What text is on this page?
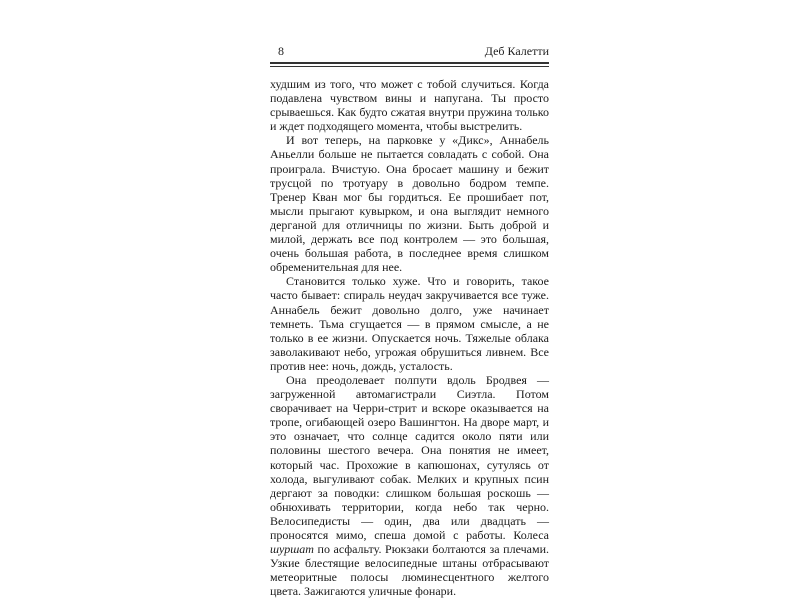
8	Деб Калетти

худшим из того, что может с тобой случиться. Когда подавлена чувством вины и напугана. Ты просто срываешься. Как будто сжатая внутри пружина только и ждет подходящего момента, чтобы выстрелить.

И вот теперь, на парковке у «Дикс», Аннабель Аньелли больше не пытается совладать с собой. Она проиграла. Вчистую. Она бросает машину и бежит трусцой по тротуару в довольно бодром темпе. Тренер Кван мог бы гордиться. Ее прошибает пот, мысли прыгают кувырком, и она выглядит немного дерганой для отличницы по жизни. Быть доброй и милой, держать все под контролем — это большая, очень большая работа, в последнее время слишком обременительная для нее.

Становится только хуже. Что и говорить, такое часто бывает: спираль неудач закручивается все туже. Аннабель бежит довольно долго, уже начинает темнеть. Тьма сгущается — в прямом смысле, а не только в ее жизни. Опускается ночь. Тяжелые облака заволакивают небо, угрожая обрушиться ливнем. Все против нее: ночь, дождь, усталость.

Она преодолевает полпути вдоль Бродвея — загруженной автомагистрали Сиэтла. Потом сворачивает на Черри-стрит и вскоре оказывается на тропе, огибающей озеро Вашингтон. На дворе март, и это означает, что солнце садится около пяти или половины шестого вечера. Она понятия не имеет, который час. Прохожие в капюшонах, сутулясь от холода, выгуливают собак. Мелких и крупных псин дергают за поводки: слишком большая роскошь — обнюхивать территории, когда небо так черно. Велосипедисты — один, два или двадцать — проносятся мимо, спеша домой с работы. Колеса шуршат по асфальту. Рюкзаки болтаются за плечами. Узкие блестящие велосипедные штаны отбрасывают метеоритные полосы люминесцентного желтого цвета. Зажигаются уличные фонари.
